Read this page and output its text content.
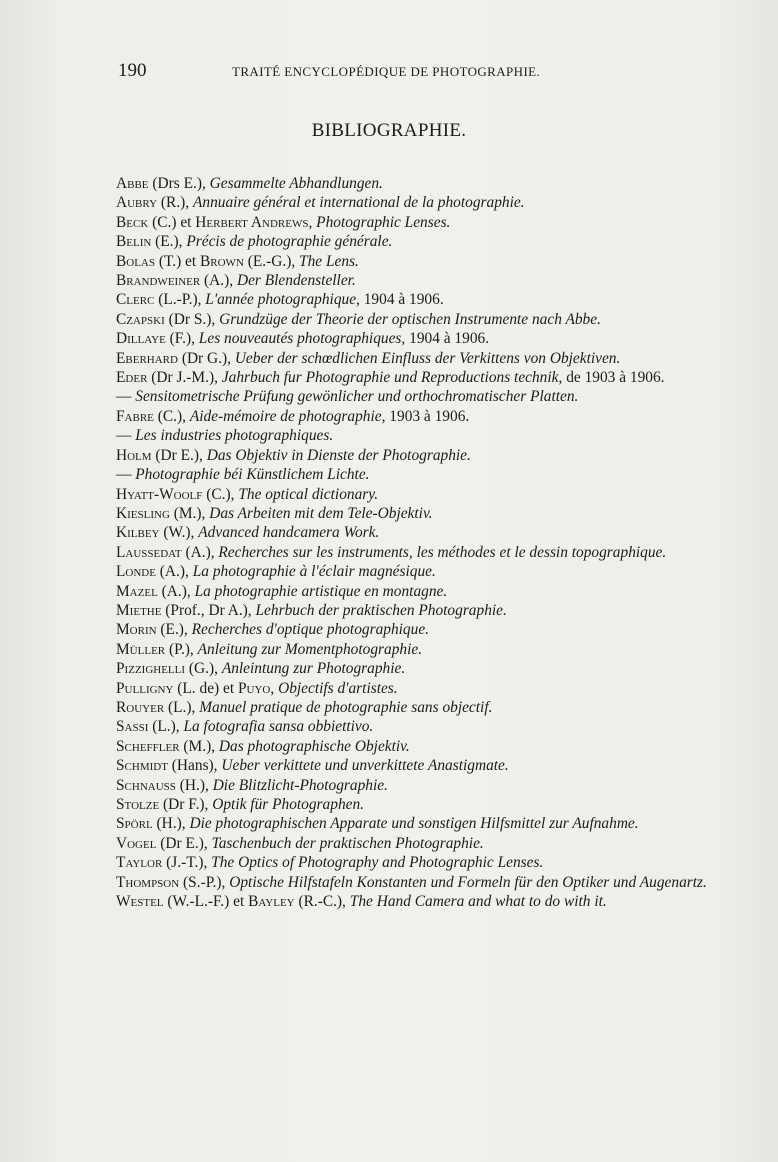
190	TRAITÉ ENCYCLOPÉDIQUE DE PHOTOGRAPHIE.
BIBLIOGRAPHIE.

Abbe (Drs E.), Gesammelte Abhandlungen.

Aubry (R.), Annuaire général et international de la photographie.

Beck (C.) et Herbert Andrews, Photographic Lenses.

Belin (E.), Précis de photographie générale.

Bolas (T.) et Brown (E.-G.), The Lens.

Brandweiner (A.), Der Blendensteller.

Clerc (L.-P.), L'année photographique, 1904 à 1906.

Czapski (Dr S.), Grundzüge der Theorie der optischen Instrumente nach Abbe.

Dillaye (F.), Les nouveautés photographiques, 1904 à 1906.

Eberhard (Dr G.), Ueber der schœdlichen Einfluss der Verkittens von Objektiven.

Eder (Dr J.-M.), Jahrbuch fur Photographie und Reproductions technik, de 1903 à 1906.

— Sensitometrische Prüfung gewönlicher und orthochromatischer Platten.

Fabre (C.), Aide-mémoire de photographie, 1903 à 1906.

— Les industries photographiques.

Holm (Dr E.), Das Objektiv in Dienste der Photographie.

— Photographie béi Künstlichem Lichte.

Hyatt-Woolf (C.), The optical dictionary.

Kiesling (M.), Das Arbeiten mit dem Tele-Objektiv.

Kilbey (W.), Advanced handcamera Work.

Laussedat (A.), Recherches sur les instruments, les méthodes et le dessin topographique.

Londe (A.), La photographie à l'éclair magnésique.

Mazel (A.), La photographie artistique en montagne.

Miethe (Prof., Dr A.), Lehrbuch der praktischen Photographie.

Morin (E.), Recherches d'optique photographique.

Müller (P.), Anleitung zur Momentphotographie.

Pizzighelli (G.), Anleintung zur Photographie.

Pulligny (L. de) et Puyo, Objectifs d'artistes.

Rouyer (L.), Manuel pratique de photographie sans objectif.

Sassi (L.), La fotografia sansa obbiettivo.

Scheffler (M.), Das photographische Objektiv.

Schmidt (Hans), Ueber verkittete und unverkittete Anastigmate.

Schnauss (H.), Die Blitzlicht-Photographie.

Stolze (Dr F.), Optik für Photographen.

Spörl (H.), Die photographischen Apparate und sonstigen Hilfsmittel zur Aufnahme.

Vogel (Dr E.), Taschenbuch der praktischen Photographie.

Taylor (J.-T.), The Optics of Photography and Photographic Lenses.

Thompson (S.-P.), Optische Hilfstafeln Konstanten und Formeln für den Optiker und Augenartz.

Westel (W.-L.-F.) et Bayley (R.-C.), The Hand Camera and what to do with it.
